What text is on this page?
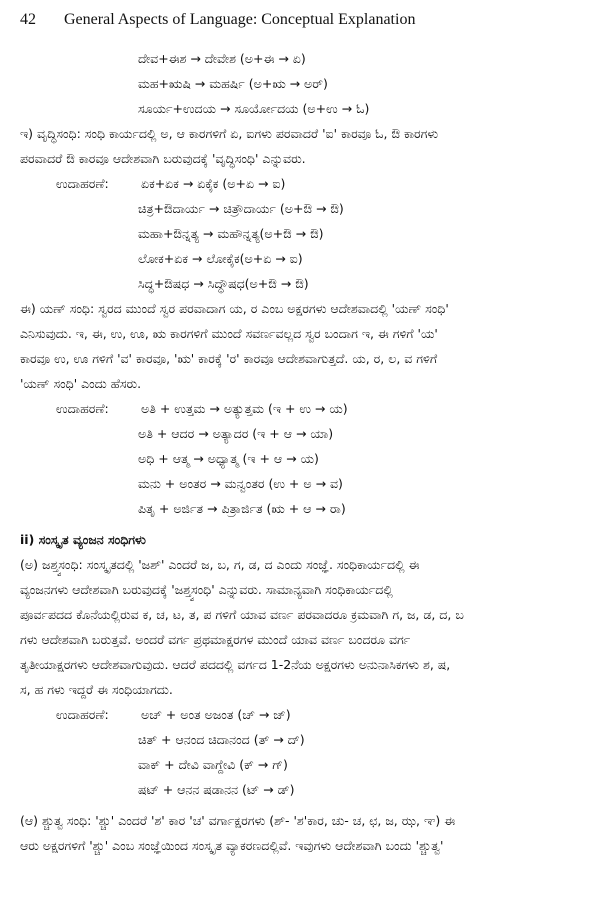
42	General Aspects of Language: Conceptual Explanation
ದೇವ+ಈಶ → ದೇವೇಶ (ಅ+ಈ → ಏ)
ಮಹ+ಋಷಿ → ಮಹರ್ಷಿ (ಅ+ಋ → ಅರ್)
ಸೂರ್ಯ+ಉದಯ → ಸೂರ್ಯೋದಯ (ಅ+ಉ → ಓ)
ಇ) ವೃದ್ಧಿಸಂಧಿ: ಸಂಧಿ ಕಾರ್ಯದಲ್ಲಿ ಅ, ಆ ಕಾರಗಳಿಗೆ ಏ, ಐಗಳು ಪರವಾದರೆ 'ಐ' ಕಾರವೂ ಓ, ಔ ಕಾರಗಳು
ಪರವಾದರೆ ಔ ಕಾರವೂ ಆದೇಶವಾಗಿ ಬರುವುದಕ್ಕೆ 'ವೃದ್ಧಿಸಂಧಿ' ಎನ್ನುವರು.
ಉದಾಹರಣೆ:	ಏಕ+ಏಕ → ಏಕೈಕ (ಅ+ಏ → ಐ)
ಚಿತ್ರ+ಔದಾರ್ಯ → ಚಿತ್ರೌದಾರ್ಯ (ಅ+ಔ → ಔ)
ಮಹಾ+ಔನ್ನತ್ಯ → ಮಹೌನ್ನತ್ಯ(ಅ+ಔ → ಔ)
ಲೋಕ+ಏಕ → ಲೋಕೈಕ(ಅ+ಏ → ಐ)
ಸಿದ್ಧ+ಔಷಧ → ಸಿದ್ಧೌಷಧ(ಅ+ಔ → ಔ)
ಈ) ಯಣ್ ಸಂಧಿ: ಸ್ವರದ ಮುಂದೆ ಸ್ವರ ಪರವಾದಾಗ ಯ, ರ ಎಂಬ ಅಕ್ಷರಗಳು ಆದೇಶವಾದಲ್ಲಿ 'ಯಣ್ ಸಂಧಿ'
ಎನಿಸುವುದು. ಇ, ಈ, ಉ, ಊ, ಋ ಕಾರಗಳಿಗೆ ಮುಂದೆ ಸವರ್ಣವಲ್ಲದ ಸ್ವರ ಬಂದಾಗ ಇ, ಈ ಗಳಿಗೆ 'ಯ'
ಕಾರವೂ ಉ, ಊ ಗಳಿಗೆ 'ವ' ಕಾರವೂ, 'ಋ' ಕಾರಕ್ಕೆ 'ರ' ಕಾರವೂ ಆದೇಶವಾಗುತ್ತದೆ. ಯ, ರ, ಲ, ವ ಗಳಿಗೆ
'ಯಣ್ ಸಂಧಿ' ಎಂದು ಹೆಸರು.
ಉದಾಹರಣೆ:	ಅತಿ + ಉತ್ತಮ → ಅತ್ಯುತ್ತಮ (ಇ + ಉ → ಯ)
ಅತಿ + ಆದರ → ಅತ್ಯಾದರ (ಇ + ಆ → ಯಾ)
ಅಧಿ + ಆತ್ಮ → ಅಧ್ಯಾತ್ಮ (ಇ + ಆ → ಯ)
ಮನು + ಅಂತರ → ಮನ್ವಂತರ (ಉ + ಅ → ವ)
ಪಿತೃ + ಅರ್ಜಿತ → ಪಿತ್ರಾರ್ಜಿತ (ಋ + ಆ → ರಾ)
ii) ಸಂಸ್ಕೃತ ವ್ಯಂಜನ ಸಂಧಿಗಳು
(ಅ) ಜಶ್ತ್ವಸಂಧಿ: ಸಂಸ್ಕೃತದಲ್ಲಿ 'ಜಶ್' ಎಂದರೆ ಜ, ಬ, ಗ, ಡ, ದ ಎಂದು ಸಂಜ್ಞೆ. ಸಂಧಿಕಾರ್ಯದಲ್ಲಿ ಈ
ವ್ಯಂಜನಗಳು ಆದೇಶವಾಗಿ ಬರುವುದಕ್ಕೆ 'ಜಶ್ತ್ವಸಂಧಿ' ಎನ್ನುವರು. ಸಾಮಾನ್ಯವಾಗಿ ಸಂಧಿಕಾರ್ಯದಲ್ಲಿ
ಪೂರ್ವಪದದ ಕೊನೆಯಲ್ಲಿರುವ ಕ, ಚ, ಟ, ತ, ಪ ಗಳಿಗೆ ಯಾವ ವರ್ಣ ಪರವಾದರೂ ಕ್ರಮವಾಗಿ ಗ, ಜ, ಡ, ದ, ಬ
ಗಳು ಆದೇಶವಾಗಿ ಬರುತ್ತವೆ. ಅಂದರೆ ವರ್ಗ ಪ್ರಥಮಾಕ್ಷರಗಳ ಮುಂದೆ ಯಾವ ವರ್ಣ ಬಂದರೂ ವರ್ಗ
ತೃತೀಯಾಕ್ಷರಗಳು ಆದೇಶವಾಗುವುದು. ಆದರೆ ಪದದಲ್ಲಿ ವರ್ಗದ 1-2ನೆಯ ಅಕ್ಷರಗಳು ಅನುನಾಸಿಕಗಳು ಶ, ಷ,
ಸ, ಹ ಗಳು ಇದ್ದರೆ ಈ ಸಂಧಿಯಾಗದು.
ಉದಾಹರಣೆ:	ಅಚ್ + ಅಂತ ಅಜಂತ (ಚ್ → ಜ್)
ಚಿತ್ + ಆನಂದ ಚಿದಾನಂದ (ತ್ → ದ್)
ವಾಕ್ + ದೇವಿ ವಾಗ್ದೇವಿ (ಕ್ → ಗ್)
ಷಟ್ + ಆನನ ಷಡಾನನ (ಟ್ → ಡ್)
(ಆ) ಶ್ಚುತ್ವ ಸಂಧಿ: 'ಶ್ಚು' ಎಂದರೆ 'ಶ' ಕಾರ 'ಚ' ವರ್ಗಾಕ್ಷರಗಳು (ಶ್- 'ಶ'ಕಾರ, ಚು- ಚ, ಛ, ಜ, ಝ, ಞ) ಈ
ಆರು ಅಕ್ಷರಗಳಿಗೆ 'ಶ್ಚು' ಎಂಬ ಸಂಜ್ಞೆಯಿಂದ ಸಂಸ್ಕೃತ ವ್ಯಾಕರಣದಲ್ಲಿವೆ. ಇವುಗಳು ಆದೇಶವಾಗಿ ಬಂದು 'ಶ್ಚುತ್ವ'
